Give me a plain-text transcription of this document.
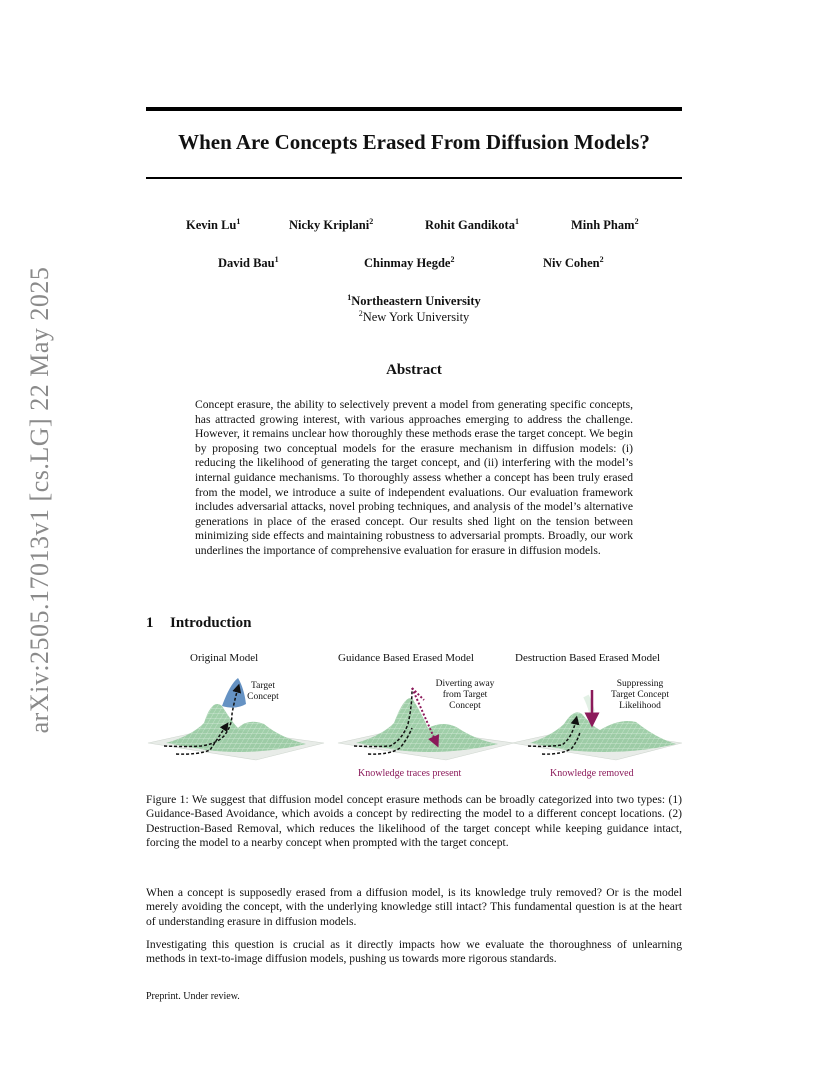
arXiv:2505.17013v1 [cs.LG] 22 May 2025
When Are Concepts Erased From Diffusion Models?
Kevin Lu$^1$	Nicky Kriplani$^2$	Rohit Gandikota$^1$	Minh Pham$^2$
David Bau$^1$	Chinmay Hegde$^2$	Niv Cohen$^2$
$^1$Northeastern University
$^2$New York University
Abstract

Concept erasure, the ability to selectively prevent a model from generating specific concepts, has attracted growing interest, with various approaches emerging to address the challenge. However, it remains unclear how thoroughly these methods erase the target concept. We begin by proposing two conceptual models for the erasure mechanism in diffusion models: (i) reducing the likelihood of generating the target concept, and (ii) interfering with the model’s internal guidance mechanisms. To thoroughly assess whether a concept has been truly erased from the model, we introduce a suite of independent evaluations. Our evaluation framework includes adversarial attacks, novel probing techniques, and analysis of the model’s alternative generations in place of the erased concept. Our results shed light on the tension between minimizing side effects and maintaining robustness to adversarial prompts. Broadly, our work underlines the importance of comprehensive evaluation for erasure in diffusion models.

1 Introduction
Original Model	Guidance Based Erased Model	Destruction Based Erased Model
Target
Concept
Diverting away
from Target
Concept
Suppressing
Target Concept
Likelihood
Knowledge traces present	Knowledge removed

Figure 1: We suggest that diffusion model concept erasure methods can be broadly categorized into two types: (1) Guidance-Based Avoidance, which avoids a concept by redirecting the model to a different concept locations. (2) Destruction-Based Removal, which reduces the likelihood of the target concept while keeping guidance intact, forcing the model to a nearby concept when prompted with the target concept.

When a concept is supposedly erased from a diffusion model, is its knowledge truly removed? Or is the model merely avoiding the concept, with the underlying knowledge still intact? This fundamental question is at the heart of understanding erasure in diffusion models.

Investigating this question is crucial as it directly impacts how we evaluate the thoroughness of unlearning methods in text-to-image diffusion models, pushing us towards more rigorous standards.

Preprint. Under review.
